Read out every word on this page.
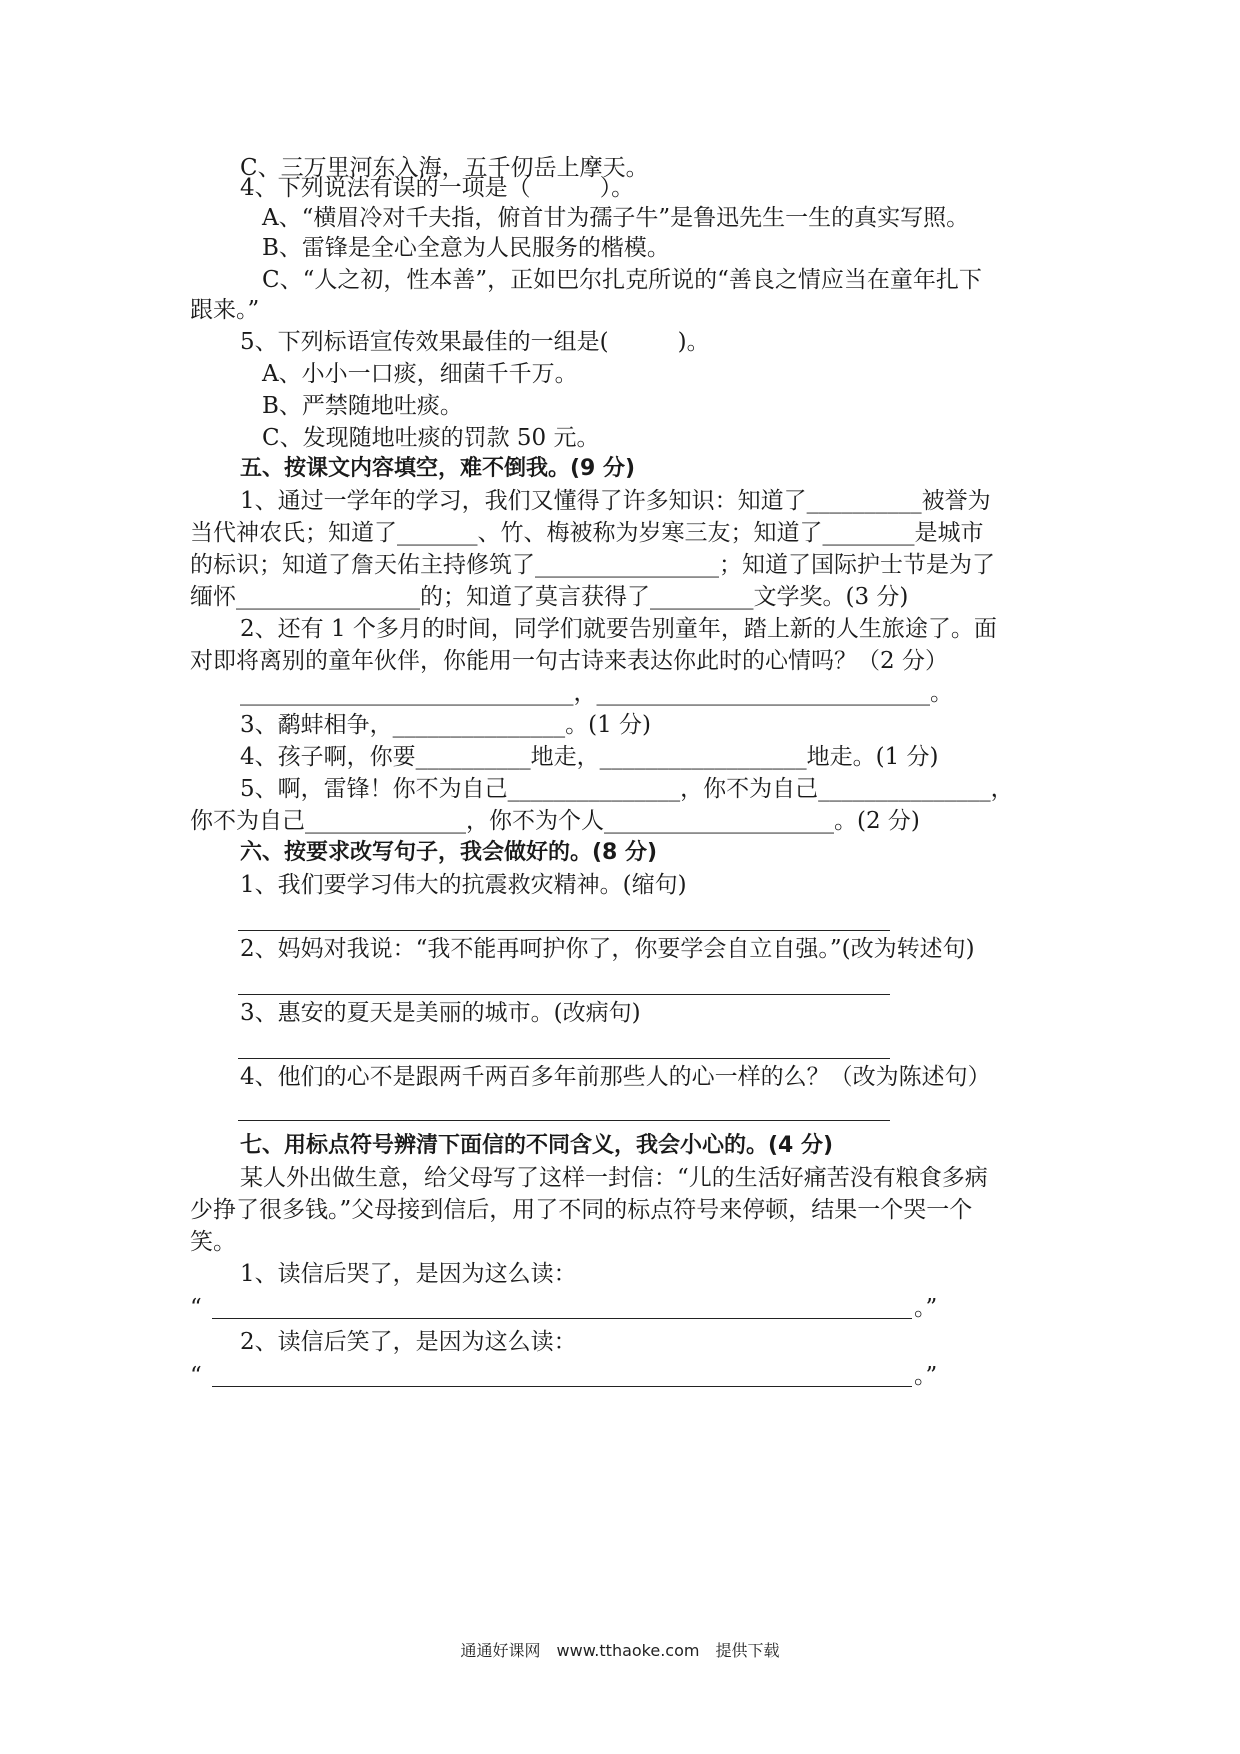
C、三万里河东入海，五千仞岳上摩天。
4、下列说法有误的一项是（　　　）。
A、“横眉冷对千夫指，俯首甘为孺子牛”是鲁迅先生一生的真实写照。
B、雷锋是全心全意为人民服务的楷模。
C、“人之初，性本善”，正如巴尔扎克所说的“善良之情应当在童年扎下
跟来。”
5、下列标语宣传效果最佳的一组是(　　　)。
A、小小一口痰，细菌千千万。
B、严禁随地吐痰。
C、发现随地吐痰的罚款 50 元。
五、按课文内容填空，难不倒我。(9 分)
1、通过一学年的学习，我们又懂得了许多知识：知道了__________被誉为
当代神农氏；知道了_______、竹、梅被称为岁寒三友；知道了________是城市
的标识；知道了詹天佑主持修筑了________________；知道了国际护士节是为了
缅怀________________的；知道了莫言获得了_________文学奖。(3 分)
2、还有 1 个多月的时间，同学们就要告别童年，踏上新的人生旅途了。面
对即将离别的童年伙伴，你能用一句古诗来表达你此时的心情吗？（2 分）
_____________________________，_____________________________。
3、鹬蚌相争，_______________。(1 分)
4、孩子啊，你要__________地走，__________________地走。(1 分)
5、啊，雷锋！你不为自己_______________，你不为自己_______________，
你不为自己______________，你不为个人____________________。(2 分)
六、按要求改写句子，我会做好的。(8 分)
1、我们要学习伟大的抗震救灾精神。(缩句)
2、妈妈对我说：“我不能再呵护你了，你要学会自立自强。”(改为转述句)
3、惠安的夏天是美丽的城市。(改病句)
4、他们的心不是跟两千两百多年前那些人的心一样的么？（改为陈述句）
七、用标点符号辨清下面信的不同含义，我会小心的。(4 分)
某人外出做生意，给父母写了这样一封信：“儿的生活好痛苦没有粮食多病
少挣了很多钱。”父母接到信后，用了不同的标点符号来停顿，结果一个哭一个
笑。
1、读信后哭了，是因为这么读：
“	。”
2、读信后笑了，是因为这么读：
“	。”
通通好课网　www.tthaoke.com　提供下载
